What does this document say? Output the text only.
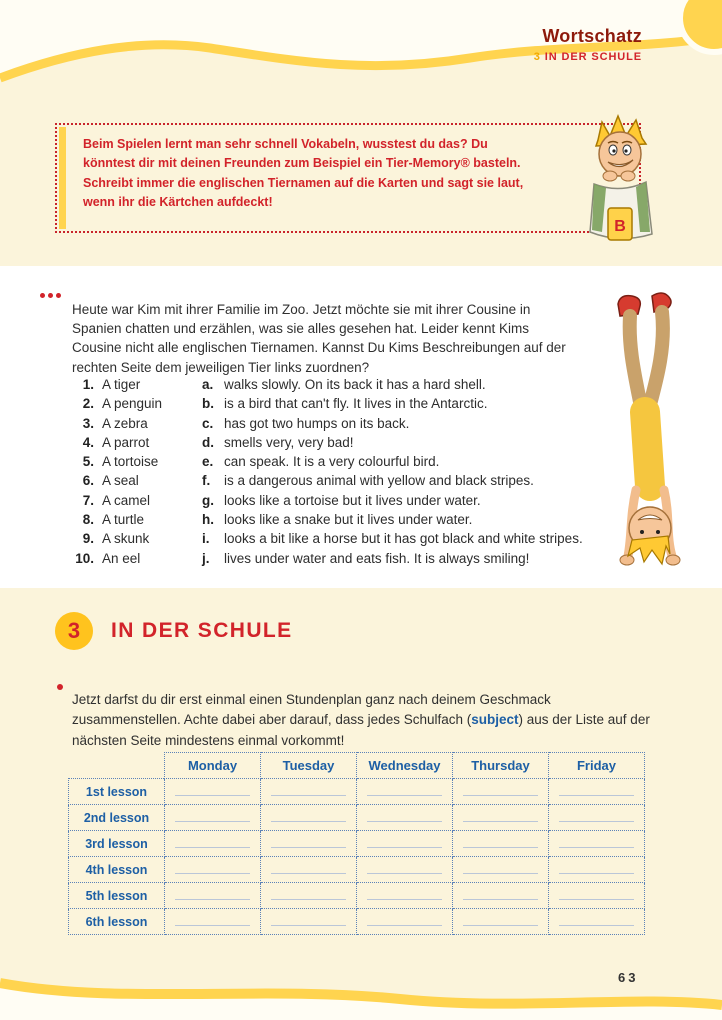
Wortschatz
3 IN DER SCHULE

Beim Spielen lernt man sehr schnell Vokabeln, wusstest du das? Du könntest dir mit deinen Freunden zum Beispiel ein Tier-Memory® basteln. Schreibt immer die englischen Tiernamen auf die Karten und sagt sie laut, wenn ihr die Kärtchen aufdeckt!

B

Heute war Kim mit ihrer Familie im Zoo. Jetzt möchte sie mit ihrer Cousine in Spanien chatten und erzählen, was sie alles gesehen hat. Leider kennt Kims Cousine nicht alle englischen Tiernamen. Kannst Du Kims Beschreibungen auf der rechten Seite dem jeweiligen Tier links zuordnen?

1. A tiger	a. walks slowly. On its back it has a hard shell.
2. A penguin	b. is a bird that can't fly. It lives in the Antarctic.
3. A zebra	c. has got two humps on its back.
4. A parrot	d. smells very, very bad!
5. A tortoise	e. can speak. It is a very colourful bird.
6. A seal	f.	is a dangerous animal with yellow and black stripes.
7. A camel	g. looks like a tortoise but it lives under water.
8. A turtle	h. looks like a snake but it lives under water.
9. A skunk	i.	looks a bit like a horse but it has got black and white stripes.
10. An eel	j.	lives under water and eats fish. It is always smiling!
3	IN DER SCHULE

Jetzt darfst du dir erst einmal einen Stundenplan ganz nach deinem Geschmack zusammenstellen. Achte dabei aber darauf, dass jedes Schulfach (subject) aus der Liste auf der nächsten Seite mindestens einmal vorkommt!

	Monday	Tuesday	Wednesday	Thursday	Friday
1st lesson	

2nd lesson	

3rd lesson	

4th lesson	

5th lesson	

6th lesson	

63
